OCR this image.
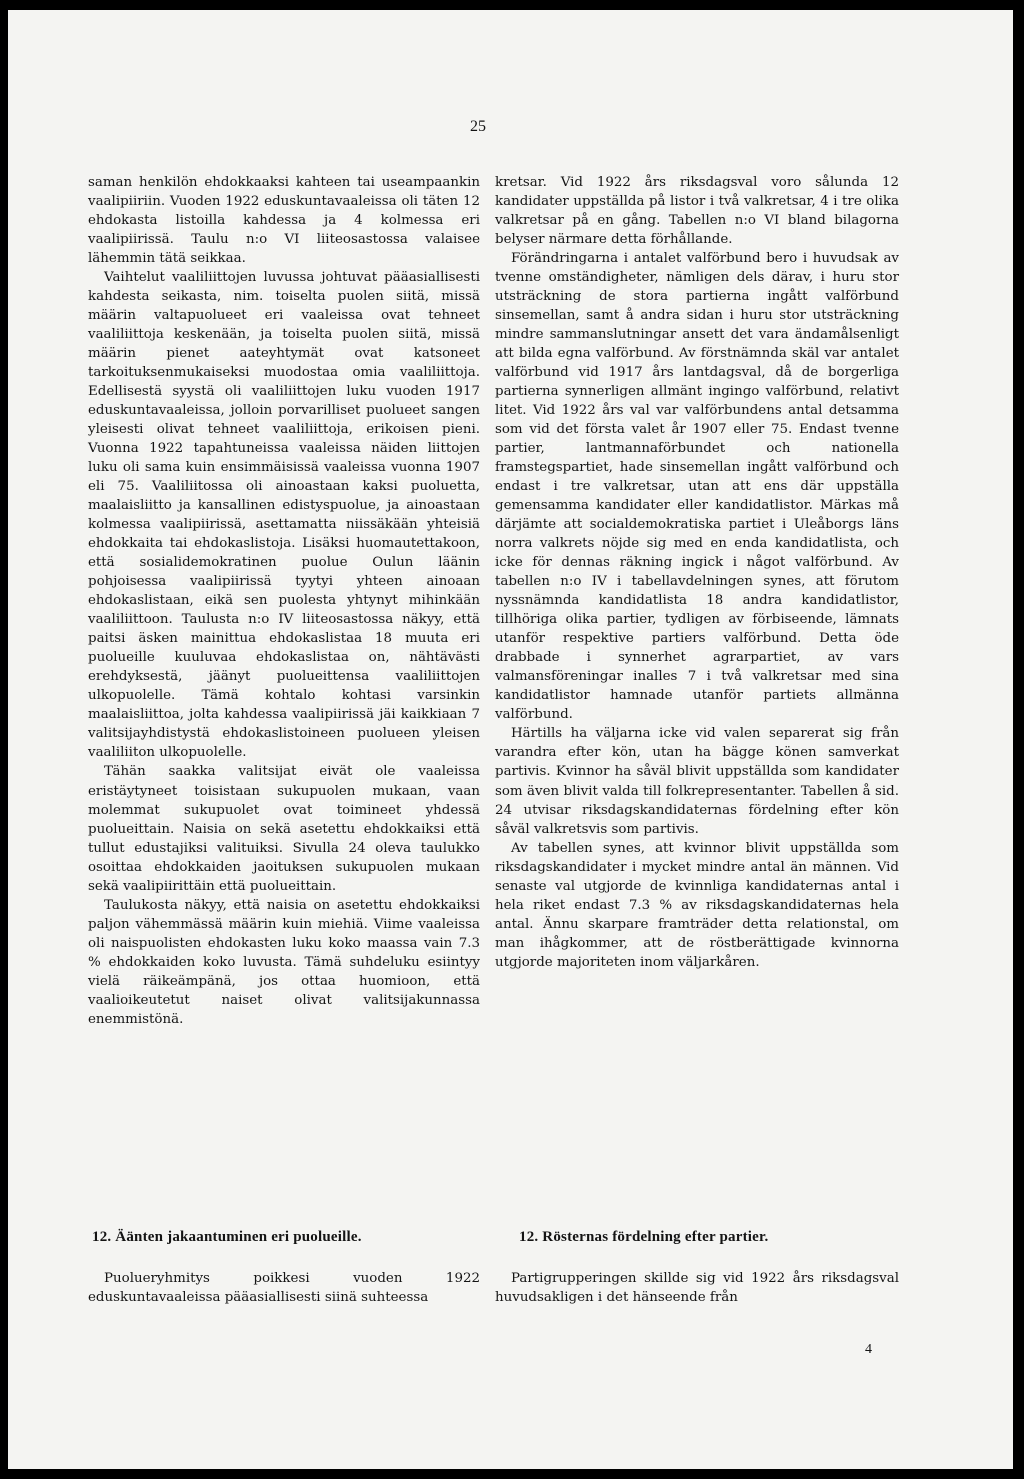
25

saman henkilön ehdokkaaksi kahteen tai useampaankin vaalipiiriin. Vuoden 1922 eduskuntavaaleissa oli täten 12 ehdokasta listoilla kahdessa ja 4 kolmessa eri vaalipiirissä. Taulu n:o VI liiteosastossa valaisee lähemmin tätä seikkaa.

Vaihtelut vaaliliittojen luvussa johtuvat pääasiallisesti kahdesta seikasta, nim. toiselta puolen siitä, missä määrin valtapuolueet eri vaaleissa ovat tehneet vaaliliittoja keskenään, ja toiselta puolen siitä, missä määrin pienet aateyhtymät ovat katsoneet tarkoituksenmukaiseksi muodostaa omia vaaliliittoja. Edellisestä syystä oli vaaliliittojen luku vuoden 1917 eduskuntavaaleissa, jolloin porvarilliset puolueet sangen yleisesti olivat tehneet vaaliliittoja, erikoisen pieni. Vuonna 1922 tapahtuneissa vaaleissa näiden liittojen luku oli sama kuin ensimmäisissä vaaleissa vuonna 1907 eli 75. Vaaliliitossa oli ainoastaan kaksi puoluetta, maalaisliitto ja kansallinen edistyspuolue, ja ainoastaan kolmessa vaalipiirissä, asettamatta niissäkään yhteisiä ehdokkaita tai ehdokaslistoja. Lisäksi huomautettakoon, että sosialidemokratinen puolue Oulun läänin pohjoisessa vaalipiirissä tyytyi yhteen ainoaan ehdokaslistaan, eikä sen puolesta yhtynyt mihinkään vaaliliittoon. Taulusta n:o IV liiteosastossa näkyy, että paitsi äsken mainittua ehdokaslistaa 18 muuta eri puolueille kuuluvaa ehdokaslistaa on, nähtävästi erehdyksestä, jäänyt puolueittensa vaaliliittojen ulkopuolelle. Tämä kohtalo kohtasi varsinkin maalaisliittoa, jolta kahdessa vaalipiirissä jäi kaikkiaan 7 valitsijayhdistystä ehdokaslistoineen puolueen yleisen vaaliliiton ulkopuolelle.

Tähän saakka valitsijat eivät ole vaaleissa eristäytyneet toisistaan sukupuolen mukaan, vaan molemmat sukupuolet ovat toimineet yhdessä puolueittain. Naisia on sekä asetettu ehdokkaiksi että tullut edustajiksi valituiksi. Sivulla 24 oleva taulukko osoittaa ehdokkaiden jaoituksen sukupuolen mukaan sekä vaalipiirittäin että puolueittain.

Taulukosta näkyy, että naisia on asetettu ehdokkaiksi paljon vähemmässä määrin kuin miehiä. Viime vaaleissa oli naispuolisten ehdokasten luku koko maassa vain 7.3 % ehdokkaiden koko luvusta. Tämä suhdeluku esiintyy vielä räikeämpänä, jos ottaa huomioon, että vaalioikeutetut naiset olivat valitsijakunnassa enemmistönä.

kretsar. Vid 1922 års riksdagsval voro sålunda 12 kandidater uppställda på listor i två valkretsar, 4 i tre olika valkretsar på en gång. Tabellen n:o VI bland bilagorna belyser närmare detta förhållande.

Förändringarna i antalet valförbund bero i huvudsak av tvenne omständigheter, nämligen dels därav, i huru stor utsträckning de stora partierna ingått valförbund sinsemellan, samt å andra sidan i huru stor utsträckning mindre sammanslutningar ansett det vara ändamålsenligt att bilda egna valförbund. Av förstnämnda skäl var antalet valförbund vid 1917 års lantdagsval, då de borgerliga partierna synnerligen allmänt ingingo valförbund, relativt litet. Vid 1922 års val var valförbundens antal detsamma som vid det första valet år 1907 eller 75. Endast tvenne partier, lantmannaförbundet och nationella framstegspartiet, hade sinsemellan ingått valförbund och endast i tre valkretsar, utan att ens där uppställa gemensamma kandidater eller kandidatlistor. Märkas må därjämte att socialdemokratiska partiet i Uleåborgs läns norra valkrets nöjde sig med en enda kandidatlista, och icke för dennas räkning ingick i något valförbund. Av tabellen n:o IV i tabellavdelningen synes, att förutom nyssnämnda kandidatlista 18 andra kandidatlistor, tillhöriga olika partier, tydligen av förbiseende, lämnats utanför respektive partiers valförbund. Detta öde drabbade i synnerhet agrarpartiet, av vars valmansföreningar inalles 7 i två valkretsar med sina kandidatlistor hamnade utanför partiets allmänna valförbund.

Härtills ha väljarna icke vid valen separerat sig från varandra efter kön, utan ha bägge könen samverkat partivis. Kvinnor ha såväl blivit uppställda som kandidater som även blivit valda till folkrepresentanter. Tabellen å sid. 24 utvisar riksdagskandidaternas fördelning efter kön såväl valkretsvis som partivis.

Av tabellen synes, att kvinnor blivit uppställda som riksdagskandidater i mycket mindre antal än männen. Vid senaste val utgjorde de kvinnliga kandidaternas antal i hela riket endast 7.3 % av riksdagskandidaternas hela antal. Ännu skarpare framträder detta relationstal, om man ihågkommer, att de röstberättigade kvinnorna utgjorde majoriteten inom väljarkåren.

12. Äänten jakaantuminen eri puolueille.	12. Rösternas fördelning efter partier.

Puolueryhmitys poikkesi vuoden 1922 eduskuntavaaleissa pääasiallisesti siinä suhteessa

Partigrupperingen skillde sig vid 1922 års riksdagsval huvudsakligen i det hänseende från

4
